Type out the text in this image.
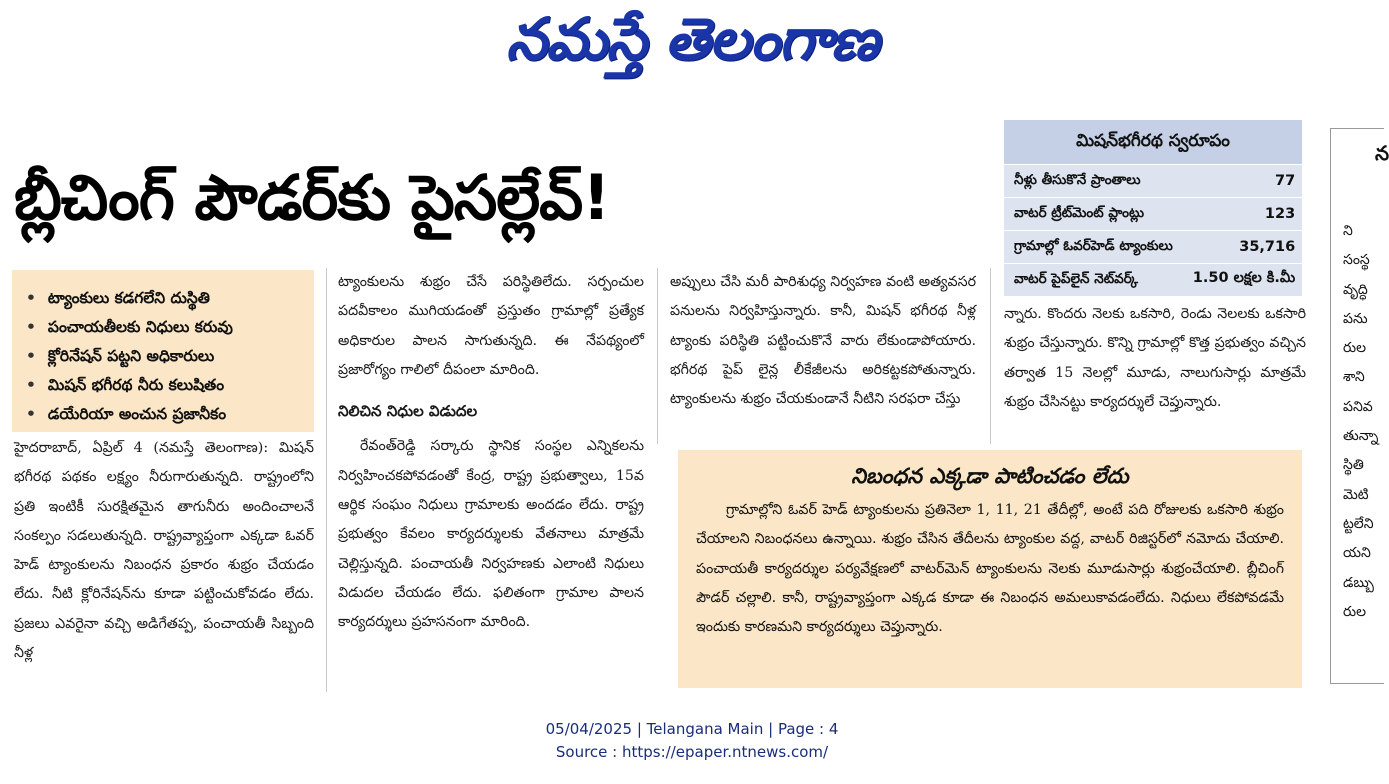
నమస్తే తెలంగాణ
బ్లీచింగ్ పౌడర్‌కు పైసల్లేవ్!
• ట్యాంకులు కడగలేని దుస్థితి
• పంచాయతీలకు నిధులు కరువు
• క్లోరినేషన్ పట్టని అధికారులు
• మిషన్ భగీరథ నీరు కలుషితం
• డయేరియా అంచున ప్రజానీకం

హైదరాబాద్, ఏప్రిల్ 4 (నమస్తే తెలంగాణ): మిషన్ భగీరథ పథకం లక్ష్యం నీరుగారుతున్నది. రాష్ట్రంలోని ప్రతి ఇంటికీ సురక్షితమైన తాగునీరు అందించాలనే సంకల్పం సడలుతున్నది. రాష్ట్రవ్యాప్తంగా ఎక్కడా ఓవర్ హెడ్ ట్యాంకులను నిబంధన ప్రకారం శుభ్రం చేయడం లేదు. నీటి క్లోరినేషన్‌ను కూడా పట్టించుకోవడం లేదు. ప్రజలు ఎవరైనా వచ్చి అడిగేతప్ప, పంచాయతీ సిబ్బంది నీళ్ల

ట్యాంకులను శుభ్రం చేసే పరిస్థితిలేదు. సర్పంచుల పదవీకాలం ముగియడంతో ప్రస్తుతం గ్రామాల్లో ప్రత్యేక అధికారుల పాలన సాగుతున్నది. ఈ నేపథ్యంలో ప్రజారోగ్యం గాలిలో దీపంలా మారింది.

నిలిచిన నిధుల విడుదల

రేవంత్‌రెడ్డి సర్కారు స్థానిక సంస్థల ఎన్నికలను నిర్వహించకపోవడంతో కేంద్ర, రాష్ట్ర ప్రభుత్వాలు, 15వ ఆర్థిక సంఘం నిధులు గ్రామాలకు అందడం లేదు. రాష్ట్ర ప్రభుత్వం కేవలం కార్యదర్శులకు వేతనాలు మాత్రమే చెల్లిస్తున్నది. పంచాయతీ నిర్వహణకు ఎలాంటి నిధులు విడుదల చేయడం లేదు. ఫలితంగా గ్రామాల పాలన కార్యదర్శులు ప్రహసనంగా మారింది.

అప్పులు చేసి మరీ పారిశుధ్య నిర్వహణ వంటి అత్యవసర పనులను నిర్వహిస్తున్నారు. కానీ, మిషన్ భగీరథ నీళ్ల ట్యాంకు పరిస్థితి పట్టించుకొనే వారు లేకుండాపోయారు. భగీరథ పైప్ లైన్ల లీకేజీలను అరికట్టకపోతున్నారు. ట్యాంకులను శుభ్రం చేయకుండానే నీటిని సరఫరా చేస్తు

మిషన్‌భగీరథ స్వరూపం
నీళ్లు తీసుకొనే ప్రాంతాలు	77
వాటర్ ట్రీట్‌మెంట్ ప్లాంట్లు	123
గ్రామాల్లో ఓవర్‌హెడ్ ట్యాంకులు	35,716
వాటర్ పైప్‌లైన్ నెట్‌వర్క్	1.50 లక్షల కి.మీ

న్నారు. కొందరు నెలకు ఒకసారి, రెండు నెలలకు ఒకసారి శుభ్రం చేస్తున్నారు. కొన్ని గ్రామాల్లో కొత్త ప్రభుత్వం వచ్చిన తర్వాత 15 నెలల్లో మూడు, నాలుగుసార్లు మాత్రమే శుభ్రం చేసినట్టు కార్యదర్శులే చెప్తున్నారు.

నిబంధన ఎక్కడా పాటించడం లేదు

గ్రామాల్లోని ఓవర్ హెడ్ ట్యాంకులను ప్రతినెలా 1, 11, 21 తేదీల్లో, అంటే పది రోజులకు ఒకసారి శుభ్రం చేయాలని నిబంధనలు ఉన్నాయి. శుభ్రం చేసిన తేదీలను ట్యాంకుల వద్ద, వాటర్ రిజిస్టర్‌లో నమోదు చేయాలి. పంచాయతీ కార్యదర్శుల పర్యవేక్షణలో వాటర్‌మెన్ ట్యాంకులను నెలకు మూడుసార్లు శుభ్రంచేయాలి. బ్లీచింగ్ పౌడర్ చల్లాలి. కానీ, రాష్ట్రవ్యాప్తంగా ఎక్కడ కూడా ఈ నిబంధన అమలుకావడంలేదు. నిధులు లేకపోవడమే ఇందుకు కారణమని కార్యదర్శులు చెప్తున్నారు.

న
ని
సంస్థ
వృద్ధి
పను
రుల
శాని
పనివ
తున్నా
స్థితి
మెటి
ట్టలేని
యని
డబ్బు
రుల
05/04/2025 | Telangana Main | Page : 4
Source : https://epaper.ntnews.com/
